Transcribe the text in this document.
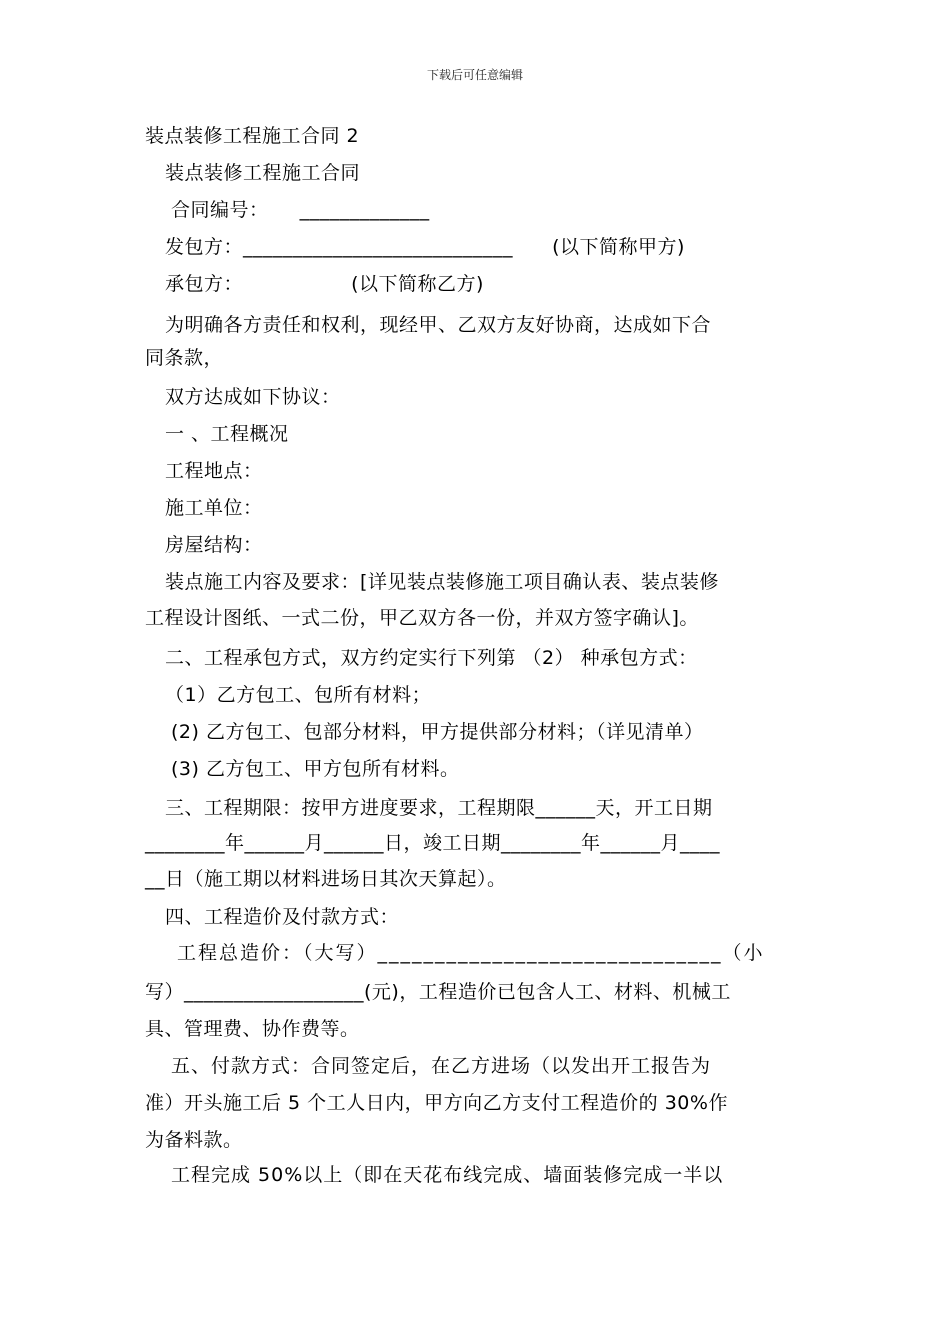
下载后可任意编辑
装点装修工程施工合同 2
装点装修工程施工合同
合同编号： _____________
发包方：___________________________ (以下简称甲方)
承包方：	(以下简称乙方)
为明确各方责任和权利，现经甲、乙双方友好协商，达成如下合
同条款，
双方达成如下协议：
一 、工程概况
工程地点：
施工单位：
房屋结构：
装点施工内容及要求：[详见装点装修施工项目确认表、装点装修
工程设计图纸、一式二份，甲乙双方各一份，并双方签字确认]。
二、工程承包方式，双方约定实行下列第 （2） 种承包方式：
（1）乙方包工、包所有材料；
(2) 乙方包工、包部分材料，甲方提供部分材料；（详见清单）
(3) 乙方包工、甲方包所有材料。
三、工程期限：按甲方进度要求，工程期限______天，开工日期
________年______月______日，竣工日期________年______月____
__日（施工期以材料进场日其次天算起）。
四、工程造价及付款方式：
工程总造价：（大写）______________________________（小
写）__________________(元)，工程造价已包含人工、材料、机械工
具、管理费、协作费等。
五、付款方式：合同签定后，在乙方进场（以发出开工报告为
准）开头施工后 5 个工人日内，甲方向乙方支付工程造价的 30%作
为备料款。
工程完成 50%以上（即在天花布线完成、墙面装修完成一半以
